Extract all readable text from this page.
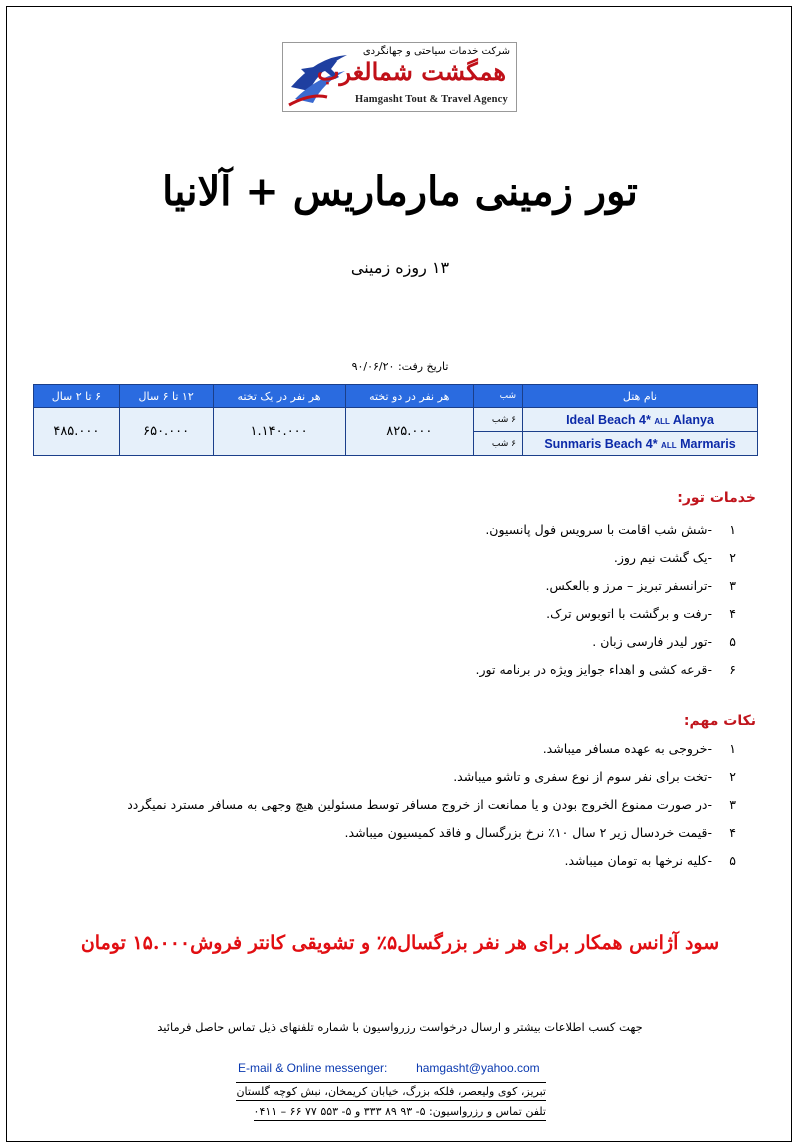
شرکت خدمات سیاحتی و جهانگردی
همگشت شمالغرب
Hamgasht Tout & Travel Agency
تور زمینی مارماریس + آلانیا
۱۳ روزه زمینی
تاریخ رفت: ۹۰/۰۶/۲۰
نام هتل	شب	هر نفر در دو تخته	هر نفر در یک تخته	۱۲ تا ۶ سال	۶ تا ۲ سال
Ideal Beach 4* ALL Alanya	۶ شب	۸۲۵.۰۰۰	۱.۱۴۰.۰۰۰	۶۵۰.۰۰۰	۴۸۵.۰۰۰
Sunmaris Beach 4* ALL Marmaris	۶ شب				
خدمات تور:
۱-شش شب اقامت با سرویس فول پانسیون.
۲-یک گشت نیم روز.
۳-ترانسفر تبریز – مرز و بالعکس.
۴-رفت و برگشت با اتوبوس ترک.
۵-تور لیدر فارسی زبان .
۶-قرعه کشی و اهداء جوایز ویژه در برنامه تور.
نکات مهم:
۱-خروجی به عهده مسافر میباشد.
۲-تخت برای نفر سوم از نوع سفری و تاشو میباشد.
۳-در صورت ممنوع الخروج بودن و یا ممانعت از خروج مسافر توسط مسئولین هیچ وجهی به مسافر مسترد نمیگردد
۴-قیمت خردسال زیر ۲ سال ۱۰٪ نرخ بزرگسال و فاقد کمیسیون میباشد.
۵-کلیه نرخها به تومان میباشد.
سود آژانس همکار برای هر نفر بزرگسال۵٪ و تشویقی کانتر فروش۱۵.۰۰۰ تومان
جهت کسب اطلاعات بیشتر و ارسال درخواست رزرواسیون با شماره تلفنهای ذیل تماس حاصل فرمائید
E-mail & Online messenger: hamgasht@yahoo.com
تبریز، کوی ولیعصر، فلکه بزرگ، خیابان کریمخان، نبش کوچه گلستان
تلفن تماس و رزرواسیون: ۵- ۹۳ ۸۹ ۳۳۳ و ۵- ۵۵۳ ۷۷ ۶۶ – ۰۴۱۱
